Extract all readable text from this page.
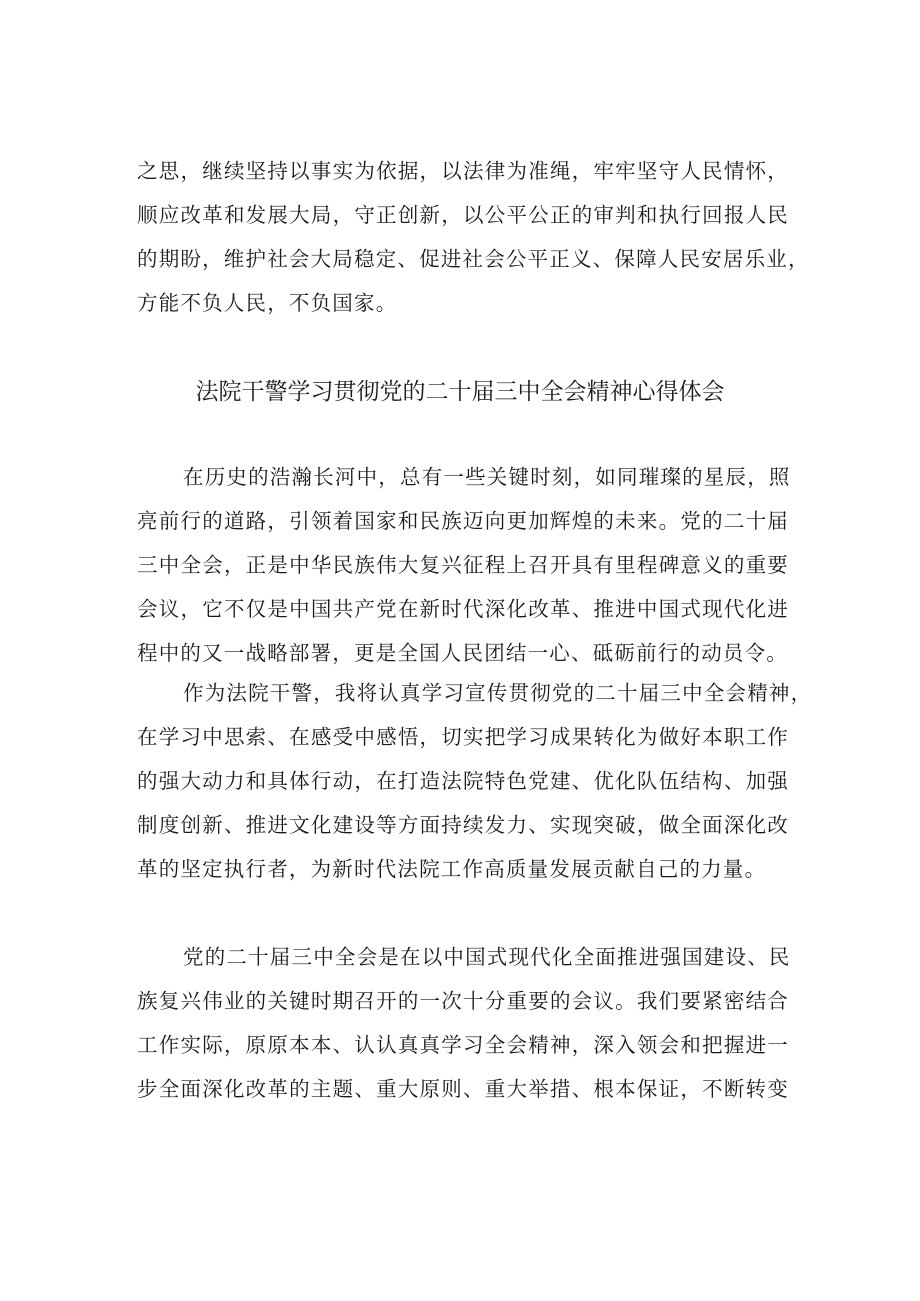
之思，继续坚持以事实为依据，以法律为准绳，牢牢坚守人民情怀，
顺应改革和发展大局，守正创新，以公平公正的审判和执行回报人民
的期盼，维护社会大局稳定、促进社会公平正义、保障人民安居乐业，
方能不负人民，不负国家。
法院干警学习贯彻党的二十届三中全会精神心得体会
在历史的浩瀚长河中，总有一些关键时刻，如同璀璨的星辰，照
亮前行的道路，引领着国家和民族迈向更加辉煌的未来。党的二十届
三中全会，正是中华民族伟大复兴征程上召开具有里程碑意义的重要
会议，它不仅是中国共产党在新时代深化改革、推进中国式现代化进
程中的又一战略部署，更是全国人民团结一心、砥砺前行的动员令。
作为法院干警，我将认真学习宣传贯彻党的二十届三中全会精神，
在学习中思索、在感受中感悟，切实把学习成果转化为做好本职工作
的强大动力和具体行动，在打造法院特色党建、优化队伍结构、加强
制度创新、推进文化建设等方面持续发力、实现突破，做全面深化改
革的坚定执行者，为新时代法院工作高质量发展贡献自己的力量。
党的二十届三中全会是在以中国式现代化全面推进强国建设、民
族复兴伟业的关键时期召开的一次十分重要的会议。我们要紧密结合
工作实际，原原本本、认认真真学习全会精神，深入领会和把握进一
步全面深化改革的主题、重大原则、重大举措、根本保证，不断转变
